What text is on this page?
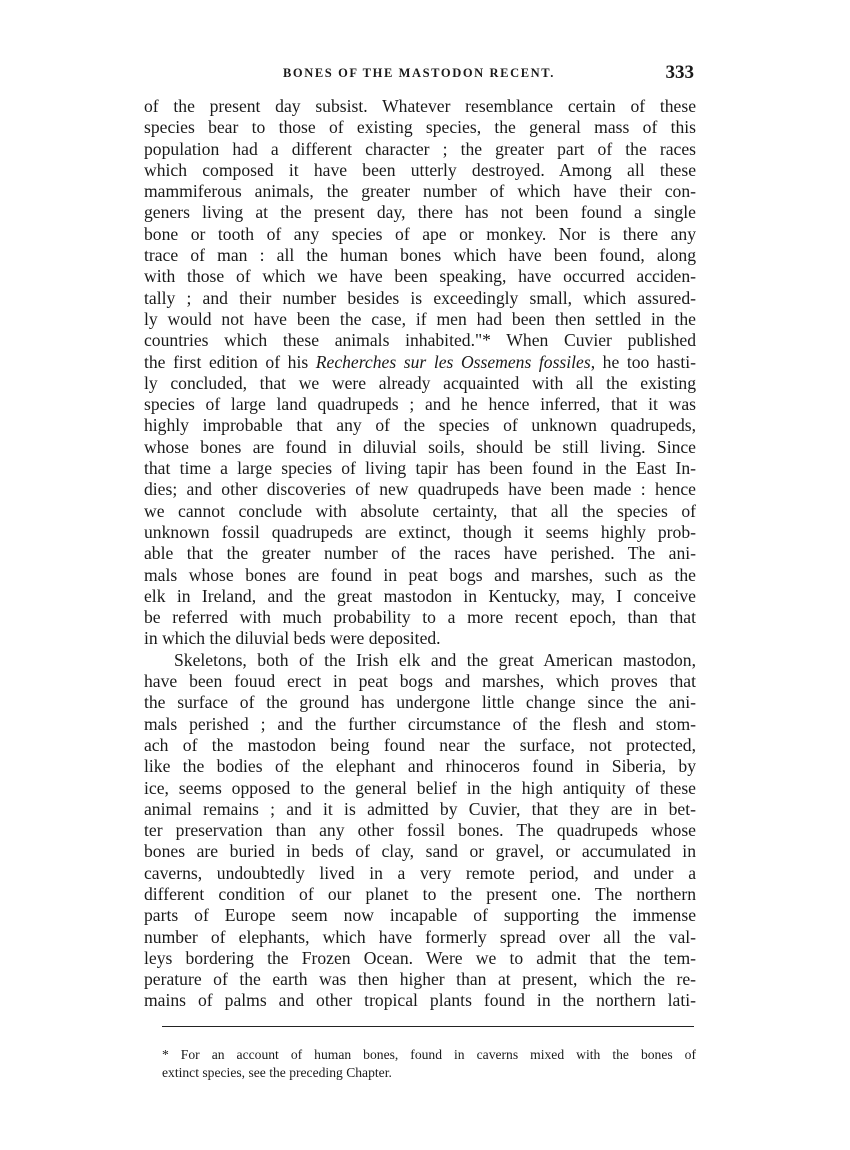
BONES OF THE MASTODON RECENT.	333
of the present day subsist. Whatever resemblance certain of these
species bear to those of existing species, the general mass of this
population had a different character ; the greater part of the races
which composed it have been utterly destroyed. Among all these
mammiferous animals, the greater number of which have their con-
geners living at the present day, there has not been found a single
bone or tooth of any species of ape or monkey. Nor is there any
trace of man : all the human bones which have been found, along
with those of which we have been speaking, have occurred acciden-
tally ; and their number besides is exceedingly small, which assured-
ly would not have been the case, if men had been then settled in the
countries which these animals inhabited."* When Cuvier published
the first edition of his Recherches sur les Ossemens fossiles, he too hasti-
ly concluded, that we were already acquainted with all the existing
species of large land quadrupeds ; and he hence inferred, that it was
highly improbable that any of the species of unknown quadrupeds,
whose bones are found in diluvial soils, should be still living. Since
that time a large species of living tapir has been found in the East In-
dies; and other discoveries of new quadrupeds have been made : hence
we cannot conclude with absolute certainty, that all the species of
unknown fossil quadrupeds are extinct, though it seems highly prob-
able that the greater number of the races have perished. The ani-
mals whose bones are found in peat bogs and marshes, such as the
elk in Ireland, and the great mastodon in Kentucky, may, I conceive
be referred with much probability to a more recent epoch, than that
in which the diluvial beds were deposited.
Skeletons, both of the Irish elk and the great American mastodon,
have been fouud erect in peat bogs and marshes, which proves that
the surface of the ground has undergone little change since the ani-
mals perished ; and the further circumstance of the flesh and stom-
ach of the mastodon being found near the surface, not protected,
like the bodies of the elephant and rhinoceros found in Siberia, by
ice, seems opposed to the general belief in the high antiquity of these
animal remains ; and it is admitted by Cuvier, that they are in bet-
ter preservation than any other fossil bones. The quadrupeds whose
bones are buried in beds of clay, sand or gravel, or accumulated in
caverns, undoubtedly lived in a very remote period, and under a
different condition of our planet to the present one. The northern
parts of Europe seem now incapable of supporting the immense
number of elephants, which have formerly spread over all the val-
leys bordering the Frozen Ocean. Were we to admit that the tem-
perature of the earth was then higher than at present, which the re-
mains of palms and other tropical plants found in the northern lati-
* For an account of human bones, found in caverns mixed with the bones of
extinct species, see the preceding Chapter.
